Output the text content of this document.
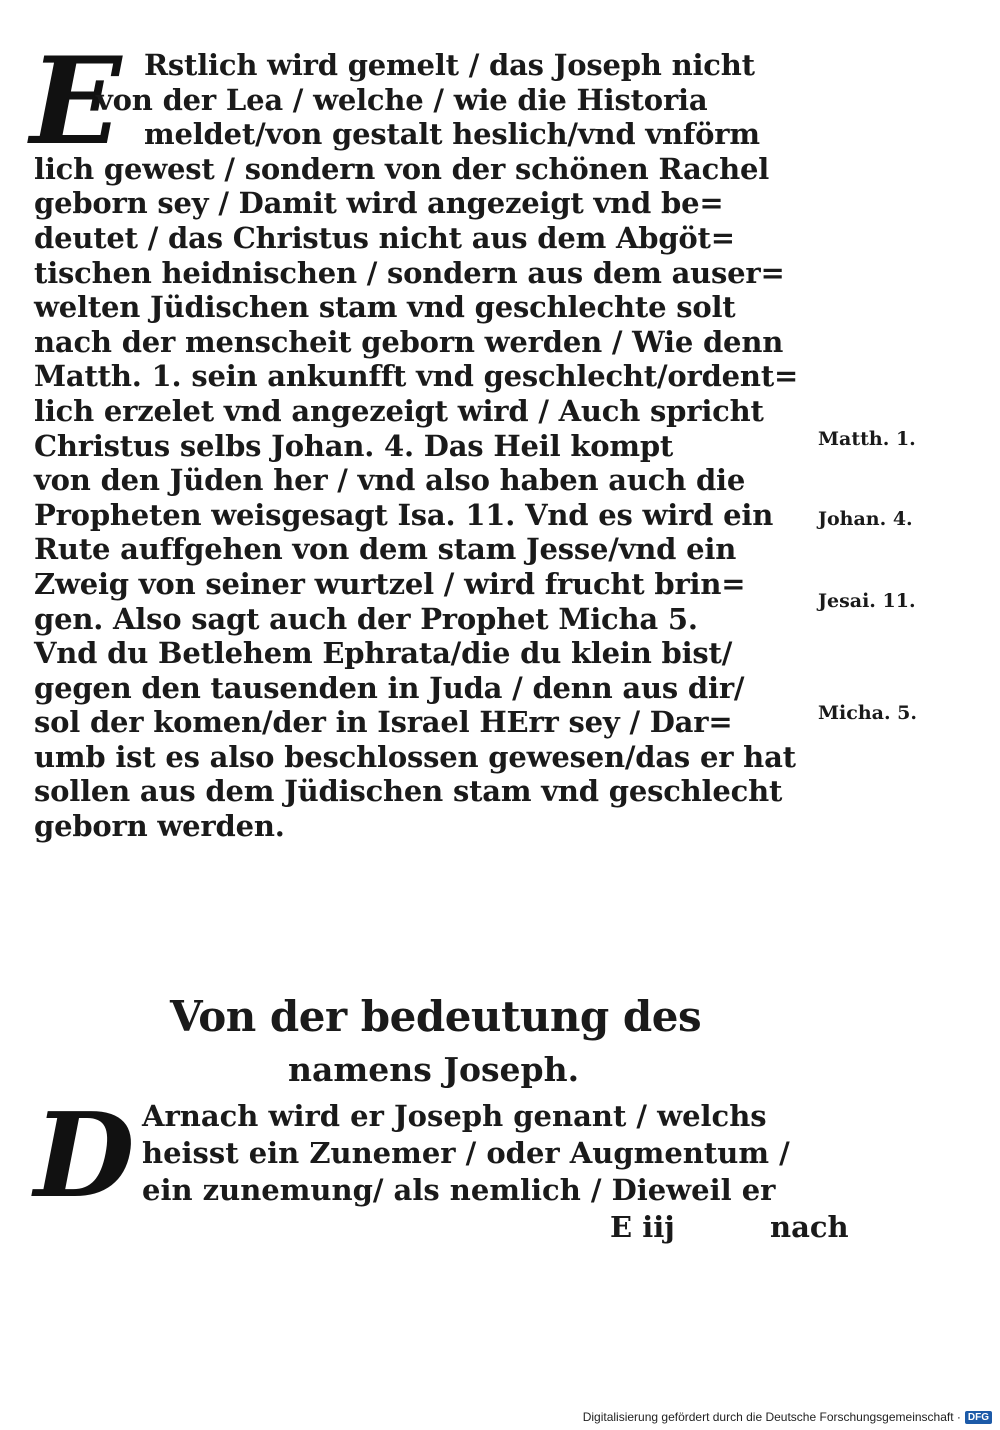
E Rstlich wird gemelt / das Joseph nicht
von der Lea / welche / wie die Historia
meldet/von gestalt heslich/vnd vnförm
lich gewest / sondern von der schönen Rachel
geborn sey / Damit wird angezeigt vnd be=
deutet / das Christus nicht aus dem Abgöt=
tischen heidnischen / sondern aus dem auser=
welten Jüdischen stam vnd geschlechte solt
nach der menscheit geborn werden / Wie denn
Matth. 1. sein ankunfft vnd geschlecht/ordent=
lich erzelet vnd angezeigt wird / Auch spricht
Christus selbs Johan. 4. Das Heil kompt
von den Jüden her / vnd also haben auch die
Propheten weisgesagt Isa. 11. Vnd es wird ein
Rute auffgehen von dem stam Jesse/vnd ein
Zweig von seiner wurtzel / wird frucht brin=
gen. Also sagt auch der Prophet Micha 5.
Vnd du Betlehem Ephrata/die du klein bist/
gegen den tausenden in Juda / denn aus dir/
sol der komen/der in Israel HErr sey / Dar=
umb ist es also beschlossen gewesen/das er hat
sollen aus dem Jüdischen stam vnd geschlecht
geborn werden.
Matth. 1.
Johan. 4.
Jesai. 11.
Micha. 5.
Von der bedeutung des
namens Joseph.
D Arnach wird er Joseph genant / welchs
heisst ein Zunemer / oder Augmentum /
ein zunemung/ als nemlich / Dieweil er
E iij	nach
Digitalisierung gefördert durch die Deutsche Forschungsgemeinschaft · DFG
